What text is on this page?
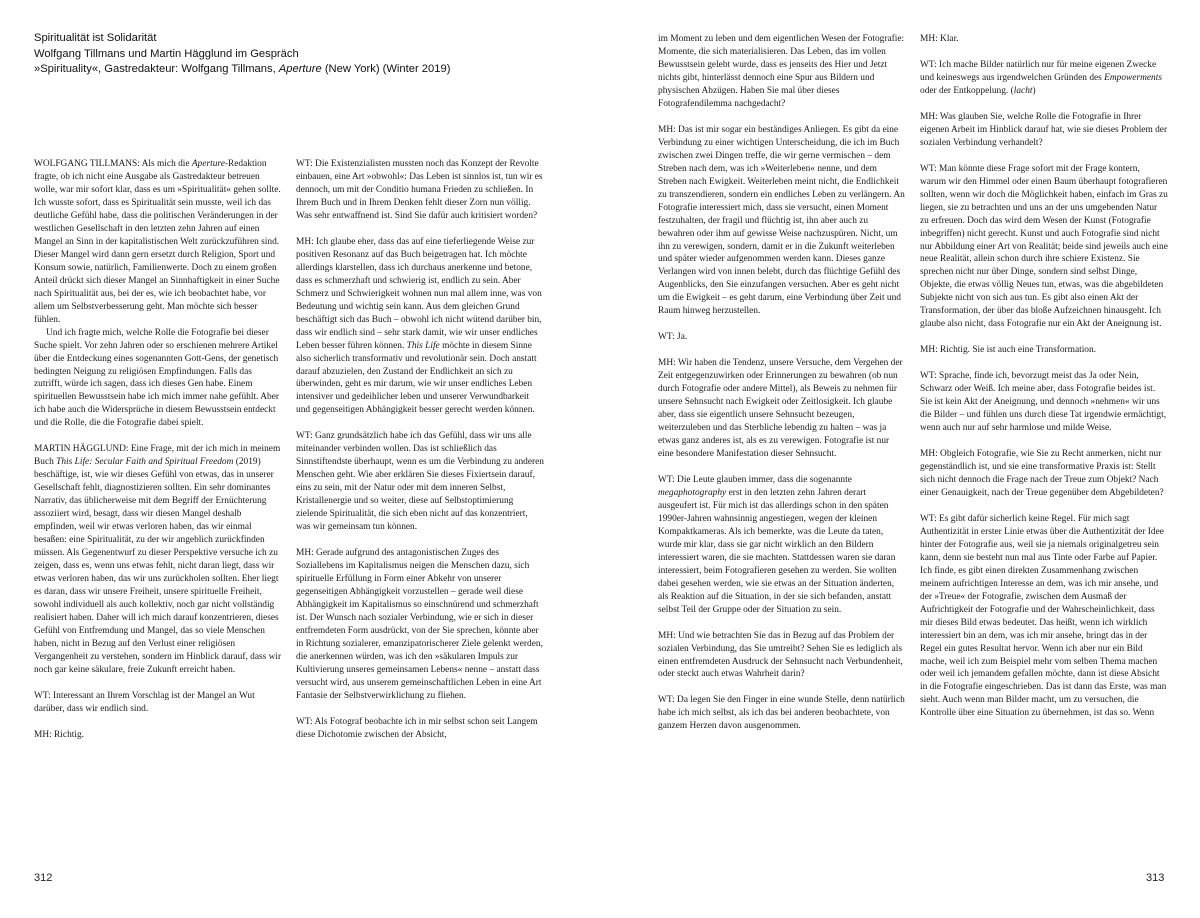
Spiritualität ist Solidarität
Wolfgang Tillmans und Martin Hägglund im Gespräch
»Spirituality«, Gastredakteur: Wolfgang Tillmans, Aperture (New York) (Winter 2019)

WOLFGANG TILLMANS: Als mich die Aperture-Redaktion fragte, ob ich nicht eine Ausgabe als Gastredakteur betreuen wolle, war mir sofort klar, dass es um »Spiritualität« gehen sollte. Ich wusste sofort, dass es Spiritualität sein musste, weil ich das deutliche Gefühl habe, dass die politischen Veränderungen in der westlichen Gesellschaft in den letzten zehn Jahren auf einen Mangel an Sinn in der kapitalistischen Welt zurückzuführen sind. Dieser Mangel wird dann gern ersetzt durch Religion, Sport und Konsum sowie, natürlich, Familienwerte. Doch zu einem großen Anteil drückt sich dieser Mangel an Sinnhaftigkeit in einer Suche nach Spiritualität aus, bei der es, wie ich beobachtet habe, vor allem um Selbstverbesserung geht. Man möchte sich besser fühlen.

Und ich fragte mich, welche Rolle die Fotografie bei dieser Suche spielt. Vor zehn Jahren oder so erschienen mehrere Artikel über die Entdeckung eines sogenannten Gott-Gens, der genetisch bedingten Neigung zu religiösen Empfindungen. Falls das zutrifft, würde ich sagen, dass ich dieses Gen habe. Einem spirituellen Bewusstsein habe ich mich immer nahe gefühlt. Aber ich habe auch die Widersprüche in diesem Bewusstsein entdeckt und die Rolle, die die Fotografie dabei spielt.

MARTIN HÄGGLUND: Eine Frage, mit der ich mich in meinem Buch This Life: Secular Faith and Spiritual Freedom (2019) beschäftige, ist, wie wir dieses Gefühl von etwas, das in unserer Gesellschaft fehlt, diagnostizieren sollten. Ein sehr dominantes Narrativ, das üblicherweise mit dem Begriff der Ernüchterung assoziiert wird, besagt, dass wir diesen Mangel deshalb empfinden, weil wir etwas verloren haben, das wir einmal besaßen: eine Spiritualität, zu der wir angeblich zurückfinden müssen. Als Gegenentwurf zu dieser Perspektive versuche ich zu zeigen, dass es, wenn uns etwas fehlt, nicht daran liegt, dass wir etwas verloren haben, das wir uns zurückholen sollten. Eher liegt es daran, dass wir unsere Freiheit, unsere spirituelle Freiheit, sowohl individuell als auch kollektiv, noch gar nicht vollständig realisiert haben. Daher will ich mich darauf konzentrieren, dieses Gefühl von Entfremdung und Mangel, das so viele Menschen haben, nicht in Bezug auf den Verlust einer religiösen Vergangenheit zu verstehen, sondern im Hinblick darauf, dass wir noch gar keine säkulare, freie Zukunft erreicht haben.

WT: Interessant an Ihrem Vorschlag ist der Mangel an Wut darüber, dass wir endlich sind.

MH: Richtig.

WT: Die Existenzialisten mussten noch das Konzept der Revolte einbauen, eine Art »obwohl«: Das Leben ist sinnlos ist, tun wir es dennoch, um mit der Conditio humana Frieden zu schließen. In Ihrem Buch und in Ihrem Denken fehlt dieser Zorn nun völlig. Was sehr entwaffnend ist. Sind Sie dafür auch kritisiert worden?

MH: Ich glaube eher, dass das auf eine tieferliegende Weise zur positiven Resonanz auf das Buch beigetragen hat. Ich möchte allerdings klarstellen, dass ich durchaus anerkenne und betone, dass es schmerzhaft und schwierig ist, endlich zu sein. Aber Schmerz und Schwierigkeit wohnen nun mal allem inne, was von Bedeutung und wichtig sein kann. Aus dem gleichen Grund beschäftigt sich das Buch – obwohl ich nicht wütend darüber bin, dass wir endlich sind – sehr stark damit, wie wir unser endliches Leben besser führen können. This Life möchte in diesem Sinne also sicherlich transformativ und revolutionär sein. Doch anstatt darauf abzuzielen, den Zustand der Endlichkeit an sich zu überwinden, geht es mir darum, wie wir unser endliches Leben intensiver und gedeihlicher leben und unserer Verwundbarkeit und gegenseitigen Abhängigkeit besser gerecht werden können.

WT: Ganz grundsätzlich habe ich das Gefühl, dass wir uns alle miteinander verbinden wollen. Das ist schließlich das Sinnstiftendste überhaupt, wenn es um die Verbindung zu anderen Menschen geht. Wie aber erklären Sie dieses Fixiertsein darauf, eins zu sein, mit der Natur oder mit dem inneren Selbst, Kristallenergie und so weiter, diese auf Selbstoptimierung zielende Spiritualität, die sich eben nicht auf das konzentriert, was wir gemeinsam tun können.

MH: Gerade aufgrund des antagonistischen Zuges des Soziallebens im Kapitalismus neigen die Menschen dazu, sich spirituelle Erfüllung in Form einer Abkehr von unserer gegenseitigen Abhängigkeit vorzustellen – gerade weil diese Abhängigkeit im Kapitalismus so einschnürend und schmerzhaft ist. Der Wunsch nach sozialer Verbindung, wie er sich in dieser entfremdeten Form ausdrückt, von der Sie sprechen, könnte aber in Richtung sozialerer, emanzipatorischerer Ziele gelenkt werden, die anerkennen würden, was ich den »säkularen Impuls zur Kultivierung unseres gemeinsamen Lebens« nenne – anstatt dass versucht wird, aus unserem gemeinschaftlichen Leben in eine Art Fantasie der Selbstverwirklichung zu fliehen.

WT: Als Fotograf beobachte ich in mir selbst schon seit Langem diese Dichotomie zwischen der Absicht,

im Moment zu leben und dem eigentlichen Wesen der Fotografie: Momente, die sich materialisieren. Das Leben, das im vollen Bewusstsein gelebt wurde, dass es jenseits des Hier und Jetzt nichts gibt, hinterlässt dennoch eine Spur aus Bildern und physischen Abzügen. Haben Sie mal über dieses Fotografendilemma nachgedacht?

MH: Das ist mir sogar ein beständiges Anliegen. Es gibt da eine Verbindung zu einer wichtigen Unterscheidung, die ich im Buch zwischen zwei Dingen treffe, die wir gerne vermischen – dem Streben nach dem, was ich »Weiterleben« nenne, und dem Streben nach Ewigkeit. Weiterleben meint nicht, die Endlichkeit zu transzendieren, sondern ein endliches Leben zu verlängern. An Fotografie interessiert mich, dass sie versucht, einen Moment festzuhalten, der fragil und flüchtig ist, ihn aber auch zu bewahren oder ihm auf gewisse Weise nachzuspüren. Nicht, um ihn zu verewigen, sondern, damit er in die Zukunft weiterleben und später wieder aufgenommen werden kann. Dieses ganze Verlangen wird von innen belebt, durch das flüchtige Gefühl des Augenblicks, den Sie einzufangen versuchen. Aber es geht nicht um die Ewigkeit – es geht darum, eine Verbindung über Zeit und Raum hinweg herzustellen.

WT: Ja.

MH: Wir haben die Tendenz, unsere Versuche, dem Vergehen der Zeit entgegenzuwirken oder Erinnerungen zu bewahren (ob nun durch Fotografie oder andere Mittel), als Beweis zu nehmen für unsere Sehnsucht nach Ewigkeit oder Zeitlosigkeit. Ich glaube aber, dass sie eigentlich unsere Sehnsucht bezeugen, weiterzuleben und das Sterbliche lebendig zu halten – was ja etwas ganz anderes ist, als es zu verewigen. Fotografie ist nur eine besondere Manifestation dieser Sehnsucht.

WT: Die Leute glauben immer, dass die sogenannte megaphotography erst in den letzten zehn Jahren derart ausgeufert ist. Für mich ist das allerdings schon in den späten 1990er-Jahren wahnsinnig angestiegen, wegen der kleinen Kompaktkameras. Als ich bemerkte, was die Leute da taten, wurde mir klar, dass sie gar nicht wirklich an den Bildern interessiert waren, die sie machten. Stattdessen waren sie daran interessiert, beim Fotografieren gesehen zu werden. Sie wollten dabei gesehen werden, wie sie etwas an der Situation änderten, als Reaktion auf die Situation, in der sie sich befanden, anstatt selbst Teil der Gruppe oder der Situation zu sein.

MH: Und wie betrachten Sie das in Bezug auf das Problem der sozialen Verbindung, das Sie umtreibt? Sehen Sie es lediglich als einen entfremdeten Ausdruck der Sehnsucht nach Verbundenheit, oder steckt auch etwas Wahrheit darin?

WT: Da legen Sie den Finger in eine wunde Stelle, denn natürlich habe ich mich selbst, als ich das bei anderen beobachtete, von ganzem Herzen davon ausgenommen.

MH: Klar.

WT: Ich mache Bilder natürlich nur für meine eigenen Zwecke und keineswegs aus irgendwelchen Gründen des Empowerments oder der Entkoppelung. (lacht)

MH: Was glauben Sie, welche Rolle die Fotografie in Ihrer eigenen Arbeit im Hinblick darauf hat, wie sie dieses Problem der sozialen Verbindung verhandelt?

WT: Man könnte diese Frage sofort mit der Frage kontern, warum wir den Himmel oder einen Baum überhaupt fotografieren sollten, wenn wir doch die Möglichkeit haben, einfach im Gras zu liegen, sie zu betrachten und uns an der uns umgebenden Natur zu erfreuen. Doch das wird dem Wesen der Kunst (Fotografie inbegriffen) nicht gerecht. Kunst und auch Fotografie sind nicht nur Abbildung einer Art von Realität; beide sind jeweils auch eine neue Realität, allein schon durch ihre schiere Existenz. Sie sprechen nicht nur über Dinge, sondern sind selbst Dinge, Objekte, die etwas völlig Neues tun, etwas, was die abgebildeten Subjekte nicht von sich aus tun. Es gibt also einen Akt der Transformation, der über das bloße Aufzeichnen hinausgeht. Ich glaube also nicht, dass Fotografie nur ein Akt der Aneignung ist.

MH: Richtig. Sie ist auch eine Transformation.

WT: Sprache, finde ich, bevorzugt meist das Ja oder Nein, Schwarz oder Weiß. Ich meine aber, dass Fotografie beides ist. Sie ist kein Akt der Aneignung, und dennoch »nehmen« wir uns die Bilder – und fühlen uns durch diese Tat irgendwie ermächtigt, wenn auch nur auf sehr harmlose und milde Weise.

MH: Obgleich Fotografie, wie Sie zu Recht anmerken, nicht nur gegenständlich ist, und sie eine transformative Praxis ist: Stellt sich nicht dennoch die Frage nach der Treue zum Objekt? Nach einer Genauigkeit, nach der Treue gegenüber dem Abgebildeten?

WT: Es gibt dafür sicherlich keine Regel. Für mich sagt Authentizität in erster Linie etwas über die Authentizität der Idee hinter der Fotografie aus, weil sie ja niemals originalgetreu sein kann, denn sie besteht nun mal aus Tinte oder Farbe auf Papier. Ich finde, es gibt einen direkten Zusammenhang zwischen meinem aufrichtigen Interesse an dem, was ich mir ansehe, und der »Treue« der Fotografie, zwischen dem Ausmaß der Aufrichtigkeit der Fotografie und der Wahrscheinlichkeit, dass mir dieses Bild etwas bedeutet. Das heißt, wenn ich wirklich interessiert bin an dem, was ich mir ansehe, bringt das in der Regel ein gutes Resultat hervor. Wenn ich aber nur ein Bild mache, weil ich zum Beispiel mehr vom selben Thema machen oder weil ich jemandem gefallen möchte, dann ist diese Absicht in die Fotografie eingeschrieben. Das ist dann das Erste, was man sieht. Auch wenn man Bilder macht, um zu versuchen, die Kontrolle über eine Situation zu übernehmen, ist das so. Wenn

312	313
